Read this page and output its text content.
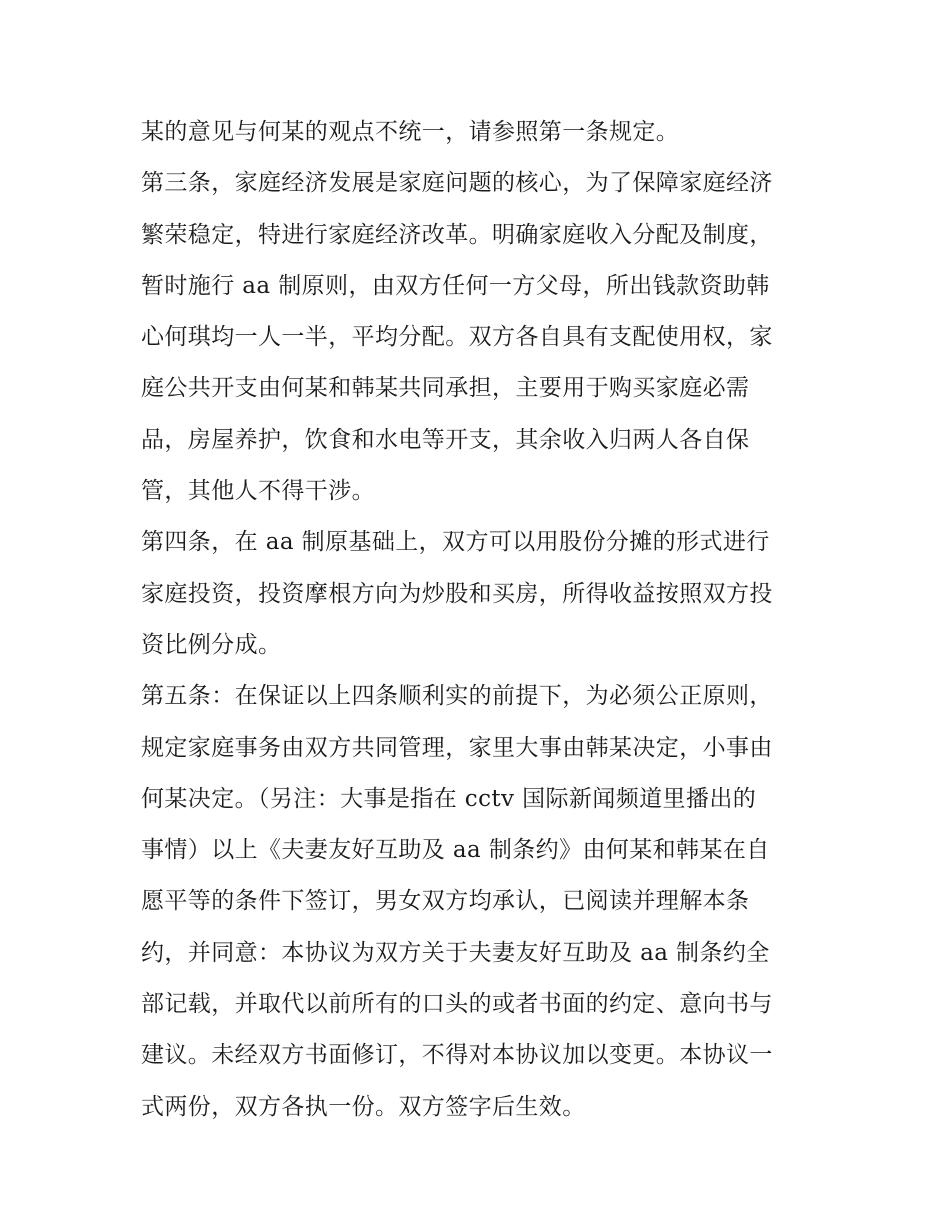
某的意见与何某的观点不统一，请参照第一条规定。
第三条，家庭经济发展是家庭问题的核心，为了保障家庭经济
繁荣稳定，特进行家庭经济改革。明确家庭收入分配及制度，
暂时施行 aa 制原则，由双方任何一方父母，所出钱款资助韩
心何琪均一人一半，平均分配。双方各自具有支配使用权，家
庭公共开支由何某和韩某共同承担，主要用于购买家庭必需
品，房屋养护，饮食和水电等开支，其余收入归两人各自保
管，其他人不得干涉。
第四条，在 aa 制原基础上，双方可以用股份分摊的形式进行
家庭投资，投资摩根方向为炒股和买房，所得收益按照双方投
资比例分成。
第五条：在保证以上四条顺利实的前提下，为必须公正原则，
规定家庭事务由双方共同管理，家里大事由韩某决定，小事由
何某决定。（另注：大事是指在 cctv 国际新闻频道里播出的
事情）以上《夫妻友好互助及 aa 制条约》由何某和韩某在自
愿平等的条件下签订，男女双方均承认，已阅读并理解本条
约，并同意：本协议为双方关于夫妻友好互助及 aa 制条约全
部记载，并取代以前所有的口头的或者书面的约定、意向书与
建议。未经双方书面修订，不得对本协议加以变更。本协议一
式两份，双方各执一份。双方签字后生效。
